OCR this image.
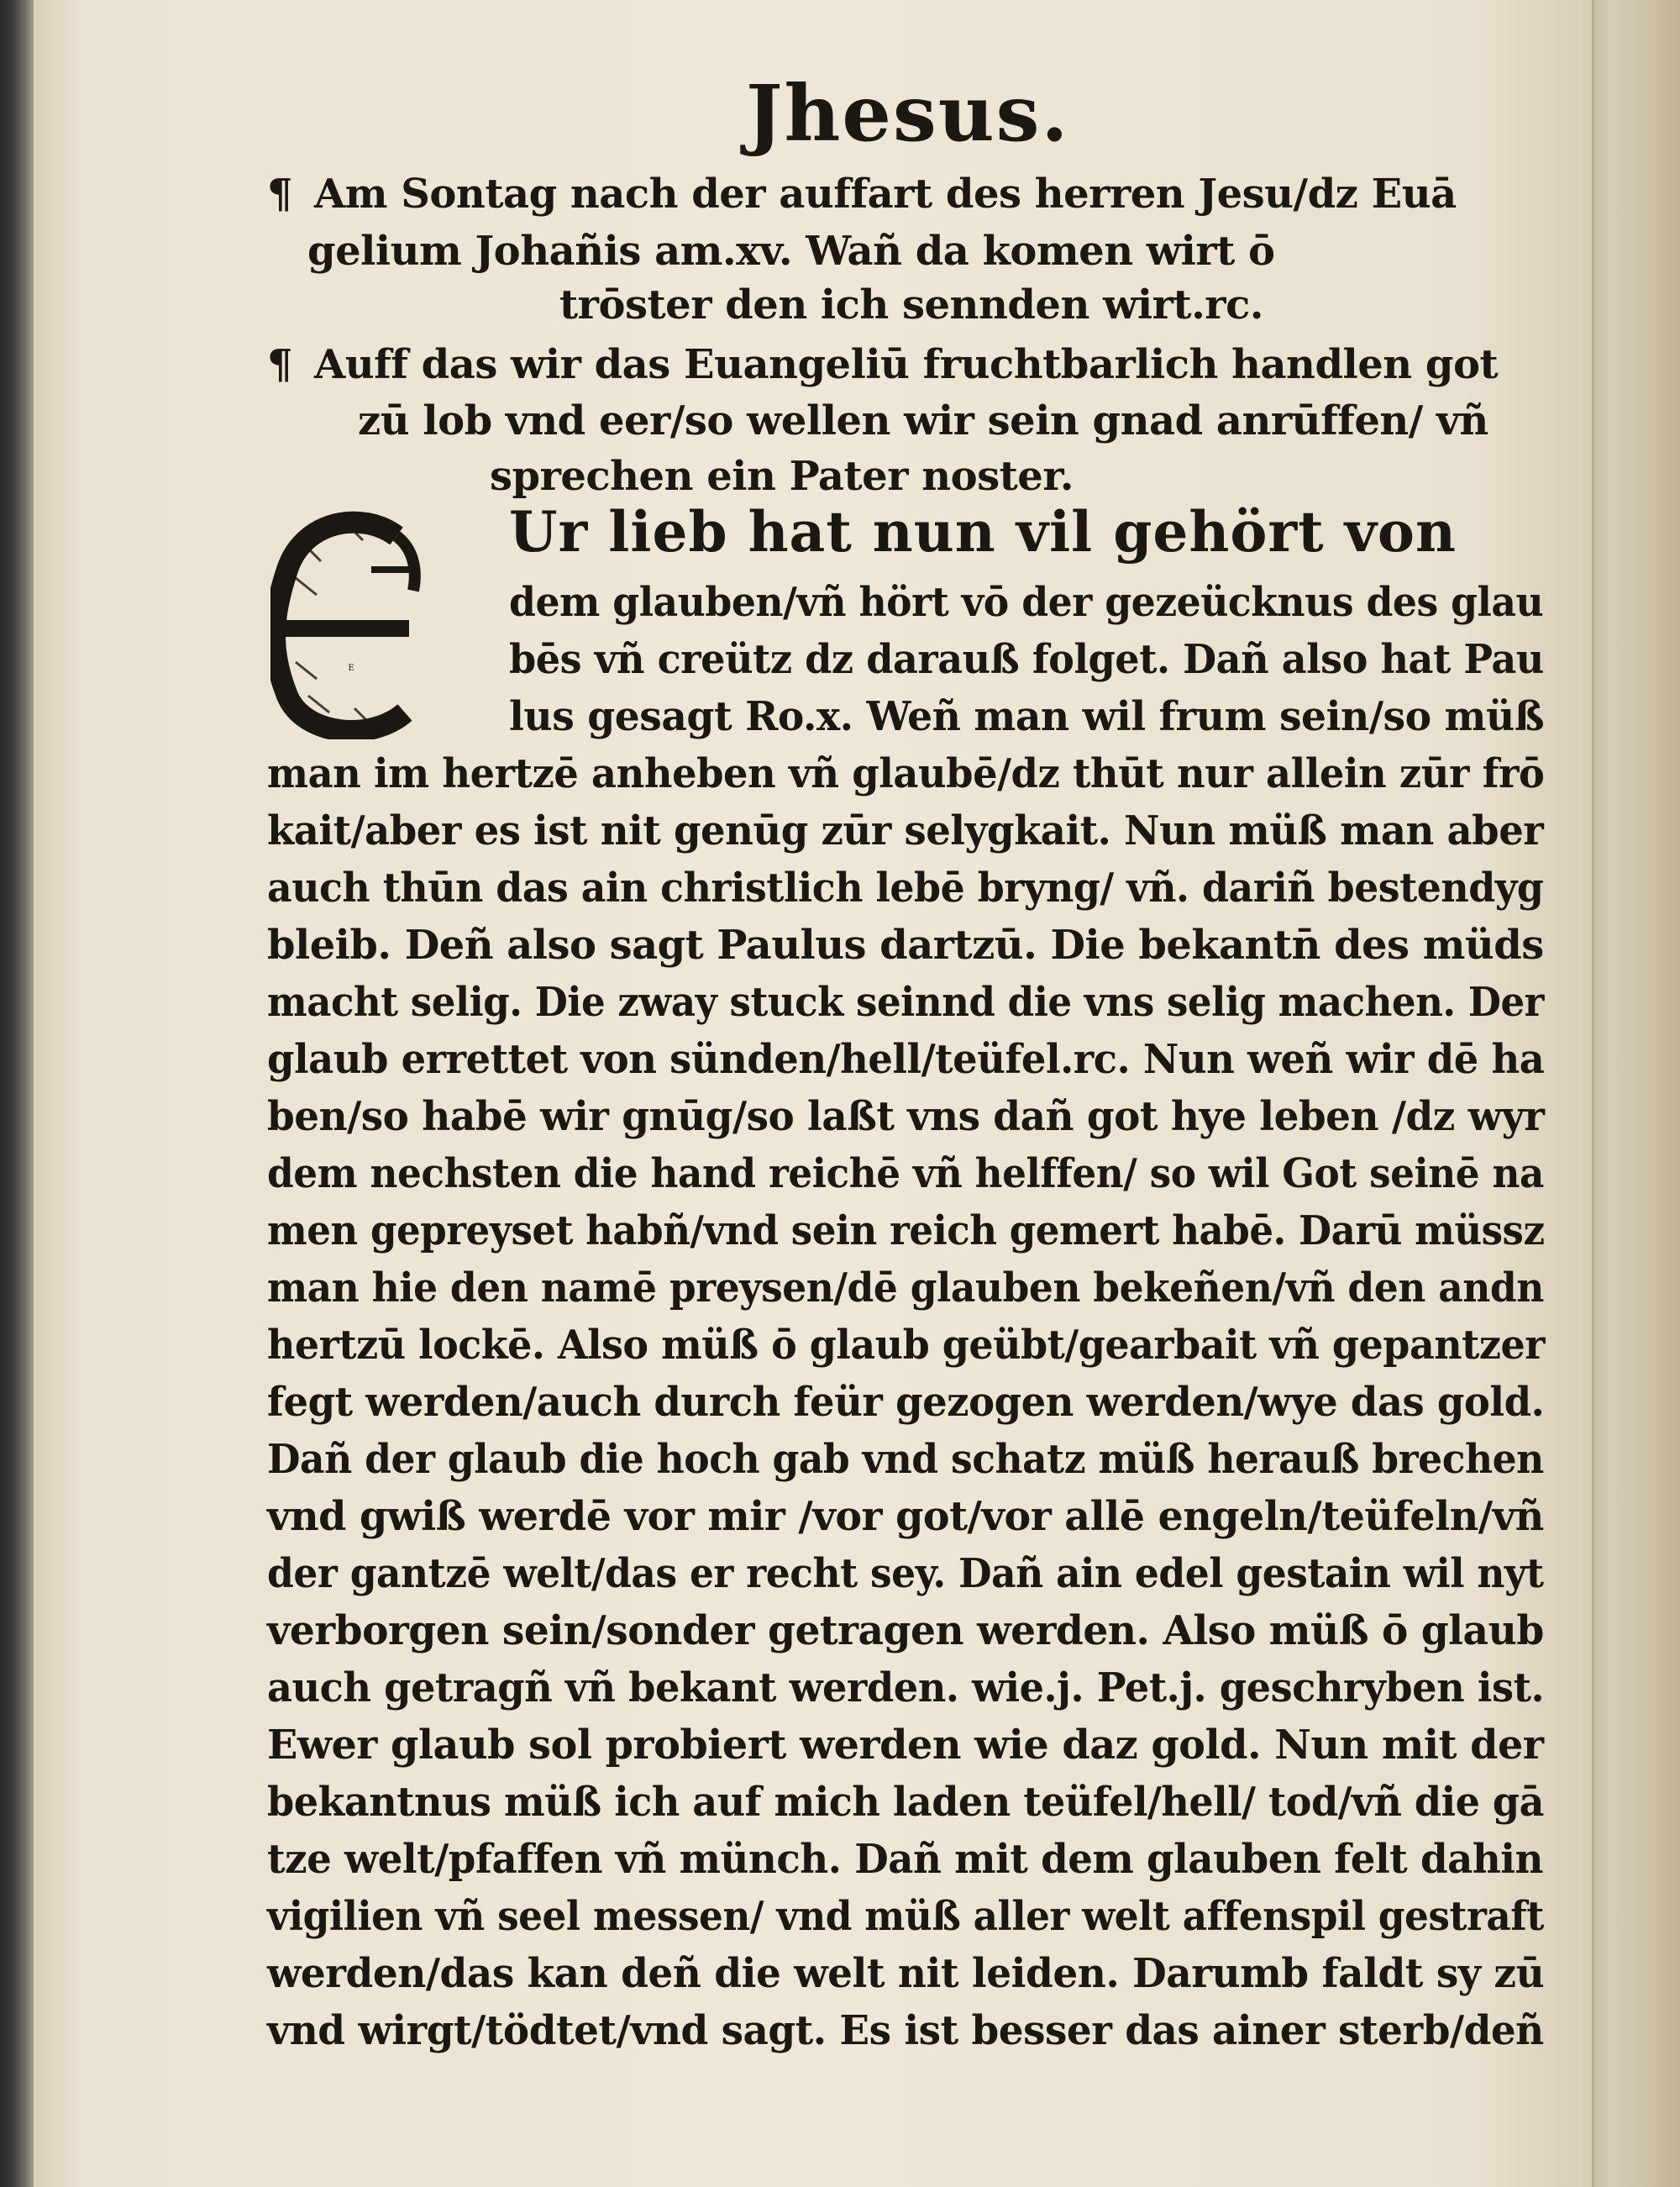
Jhesus.
¶ Am Sontag nach der auffart des herren Jesu/dz Euā
gelium Johañis am.xv. Wañ da komen wirt ō
trōster den ich sennden wirt.rc.
¶ Auff das wir das Euangeliū fruchtbarlich handlen got
zū lob vnd eer/so wellen wir sein gnad anrūffen/ vñ
sprechen ein Pater noster.
Ur lieb hat nun vil gehört von
dem glauben/vñ hört vō der gezeücknus des glau
bēs vñ creütz dz darauß folget. Dañ also hat Pau
lus gesagt Ro.x. Weñ man wil frum sein/so müß
man im hertzē anheben vñ glaubē/dz thūt nur allein zūr frō
kait/aber es ist nit genūg zūr selygkait. Nun müß man aber
auch thūn das ain christlich lebē bryng/ vñ. dariñ bestendyg
bleib. Deñ also sagt Paulus dartzū. Die bekantn̄ des müds
macht selig. Die zway stuck seinnd die vns selig machen. Der
glaub errettet von sünden/hell/teüfel.rc. Nun weñ wir dē ha
ben/so habē wir gnūg/so laßt vns dañ got hye leben /dz wyr
dem nechsten die hand reichē vñ helffen/ so wil Got seinē na
men gepreyset habñ/vnd sein reich gemert habē. Darū müssz
man hie den namē preysen/dē glauben bekeñen/vñ den andn
hertzū lockē. Also müß ō glaub geübt/gearbait vñ gepantzer
fegt werden/auch durch feür gezogen werden/wye das gold.
Dañ der glaub die hoch gab vnd schatz müß herauß brechen
vnd gwiß werdē vor mir /vor got/vor allē engeln/teüfeln/vñ
der gantzē welt/das er recht sey. Dañ ain edel gestain wil nyt
verborgen sein/sonder getragen werden. Also müß ō glaub
auch getragñ vñ bekant werden. wie.j. Pet.j. geschryben ist.
Ewer glaub sol probiert werden wie daz gold. Nun mit der
bekantnus müß ich auf mich laden teüfel/hell/ tod/vñ die gā
tze welt/pfaffen vñ münch. Dañ mit dem glauben felt dahin
vigilien vñ seel messen/ vnd müß aller welt affenspil gestraft
werden/das kan deñ die welt nit leiden. Darumb faldt sy zū
vnd wirgt/tödtet/vnd sagt. Es ist besser das ainer sterb/deñ
E
